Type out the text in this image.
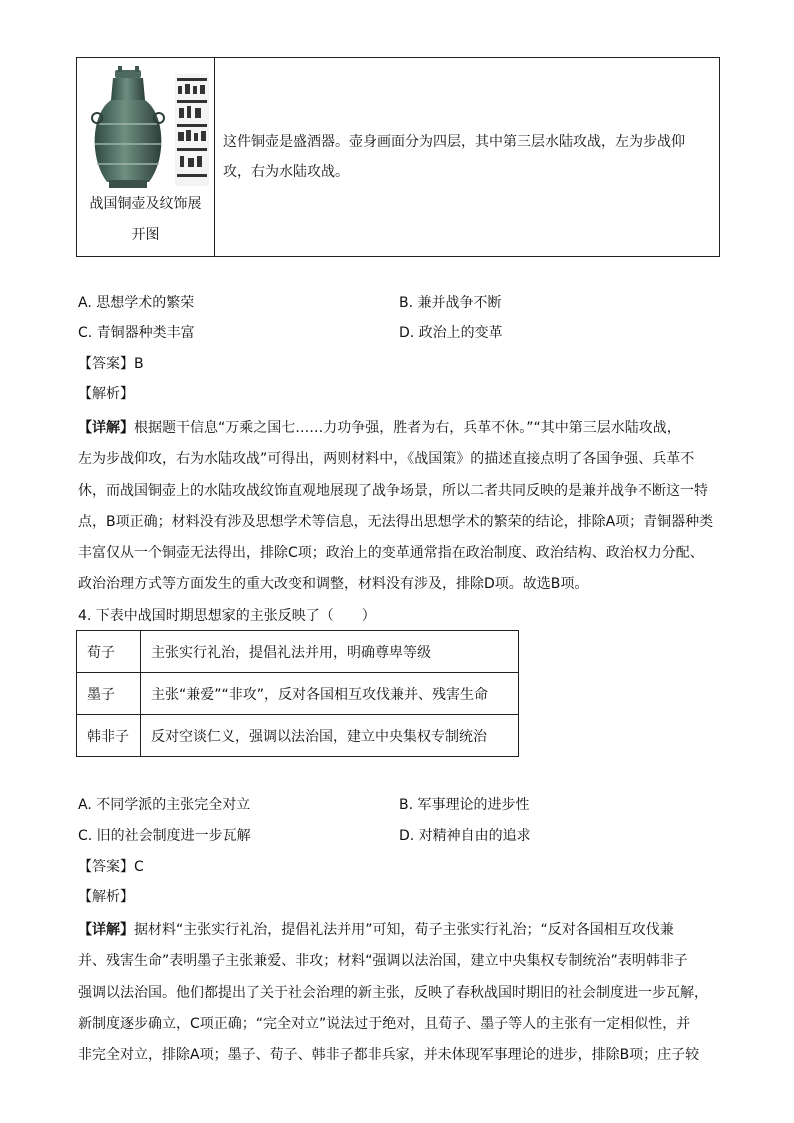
战国铜壶及纹饰展
开图
这件铜壶是盛酒器。壶身画面分为四层，其中第三层水陆攻战，左为步战仰
攻，右为水陆攻战。
A. 思想学术的繁荣	B. 兼并战争不断
C. 青铜器种类丰富	D. 政治上的变革
【答案】B
【解析】
【详解】根据题干信息“万乘之国七……力功争强，胜者为右，兵革不休。”“其中第三层水陆攻战，
左为步战仰攻，右为水陆攻战”可得出，两则材料中，《战国策》的描述直接点明了各国争强、兵革不
休，而战国铜壶上的水陆攻战纹饰直观地展现了战争场景，所以二者共同反映的是兼并战争不断这一特
点，B项正确；材料没有涉及思想学术等信息，无法得出思想学术的繁荣的结论，排除A项；青铜器种类
丰富仅从一个铜壶无法得出，排除C项；政治上的变革通常指在政治制度、政治结构、政治权力分配、
政治治理方式等方面发生的重大改变和调整，材料没有涉及，排除D项。故选B项。
4. 下表中战国时期思想家的主张反映了（　　）
荀子	主张实行礼治，提倡礼法并用，明确尊卑等级
墨子	主张“兼爱”“非攻”，反对各国相互攻伐兼并、残害生命
韩非子	反对空谈仁义，强调以法治国，建立中央集权专制统治
A. 不同学派的主张完全对立	B. 军事理论的进步性
C. 旧的社会制度进一步瓦解	D. 对精神自由的追求
【答案】C
【解析】
【详解】据材料“主张实行礼治，提倡礼法并用”可知，荀子主张实行礼治；“反对各国相互攻伐兼
并、残害生命”表明墨子主张兼爱、非攻；材料“强调以法治国，建立中央集权专制统治”表明韩非子
强调以法治国。他们都提出了关于社会治理的新主张，反映了春秋战国时期旧的社会制度进一步瓦解，
新制度逐步确立，C项正确；“完全对立”说法过于绝对，且荀子、墨子等人的主张有一定相似性，并
非完全对立，排除A项；墨子、荀子、韩非子都非兵家，并未体现军事理论的进步，排除B项；庄子较
